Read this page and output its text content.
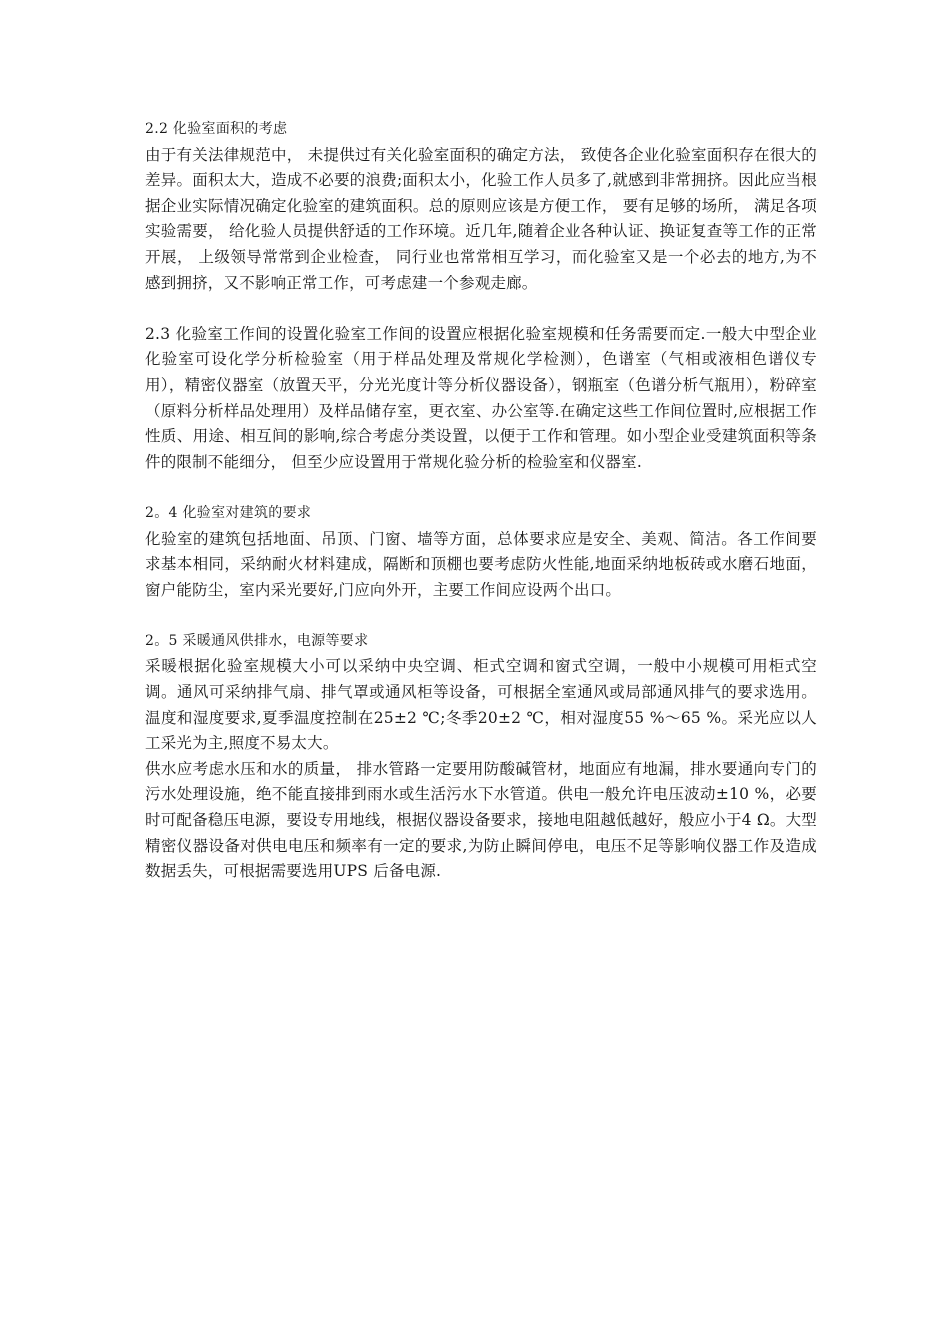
2.2 化验室面积的考虑

由于有关法律规范中， 未提供过有关化验室面积的确定方法， 致使各企业化验室面积存在很大的差异。面积太大，造成不必要的浪费;面积太小，化验工作人员多了,就感到非常拥挤。因此应当根据企业实际情况确定化验室的建筑面积。总的原则应该是方便工作， 要有足够的场所， 满足各项实验需要， 给化验人员提供舒适的工作环境。近几年,随着企业各种认证、换证复查等工作的正常开展， 上级领导常常到企业检查， 同行业也常常相互学习，而化验室又是一个必去的地方,为不感到拥挤，又不影响正常工作，可考虑建一个参观走廊。

2.3 化验室工作间的设置化验室工作间的设置应根据化验室规模和任务需要而定.一般大中型企业化验室可设化学分析检验室（用于样品处理及常规化学检测），色谱室（气相或液相色谱仪专用），精密仪器室（放置天平，分光光度计等分析仪器设备），钢瓶室（色谱分析气瓶用），粉碎室（原料分析样品处理用）及样品储存室，更衣室、办公室等.在确定这些工作间位置时,应根据工作性质、用途、相互间的影响,综合考虑分类设置，以便于工作和管理。如小型企业受建筑面积等条件的限制不能细分， 但至少应设置用于常规化验分析的检验室和仪器室.
2。4 化验室对建筑的要求

化验室的建筑包括地面、吊顶、门窗、墙等方面，总体要求应是安全、美观、简洁。各工作间要求基本相同，采纳耐火材料建成，隔断和顶棚也要考虑防火性能,地面采纳地板砖或水磨石地面，窗户能防尘，室内采光要好,门应向外开，主要工作间应设两个出口。

2。5 采暖通风供排水，电源等要求

采暖根据化验室规模大小可以采纳中央空调、柜式空调和窗式空调，一般中小规模可用柜式空调。通风可采纳排气扇、排气罩或通风柜等设备，可根据全室通风或局部通风排气的要求选用。温度和湿度要求,夏季温度控制在25±2 ℃;冬季20±2 ℃，相对湿度55 %～65 %。采光应以人工采光为主,照度不易太大。

供水应考虑水压和水的质量， 排水管路一定要用防酸碱管材，地面应有地漏，排水要通向专门的污水处理设施，绝不能直接排到雨水或生活污水下水管道。供电一般允许电压波动±10 %，必要时可配备稳压电源，要设专用地线，根据仪器设备要求，接地电阻越低越好，般应小于4 Ω。大型精密仪器设备对供电电压和频率有一定的要求,为防止瞬间停电，电压不足等影响仪器工作及造成数据丢失，可根据需要选用UPS 后备电源.
